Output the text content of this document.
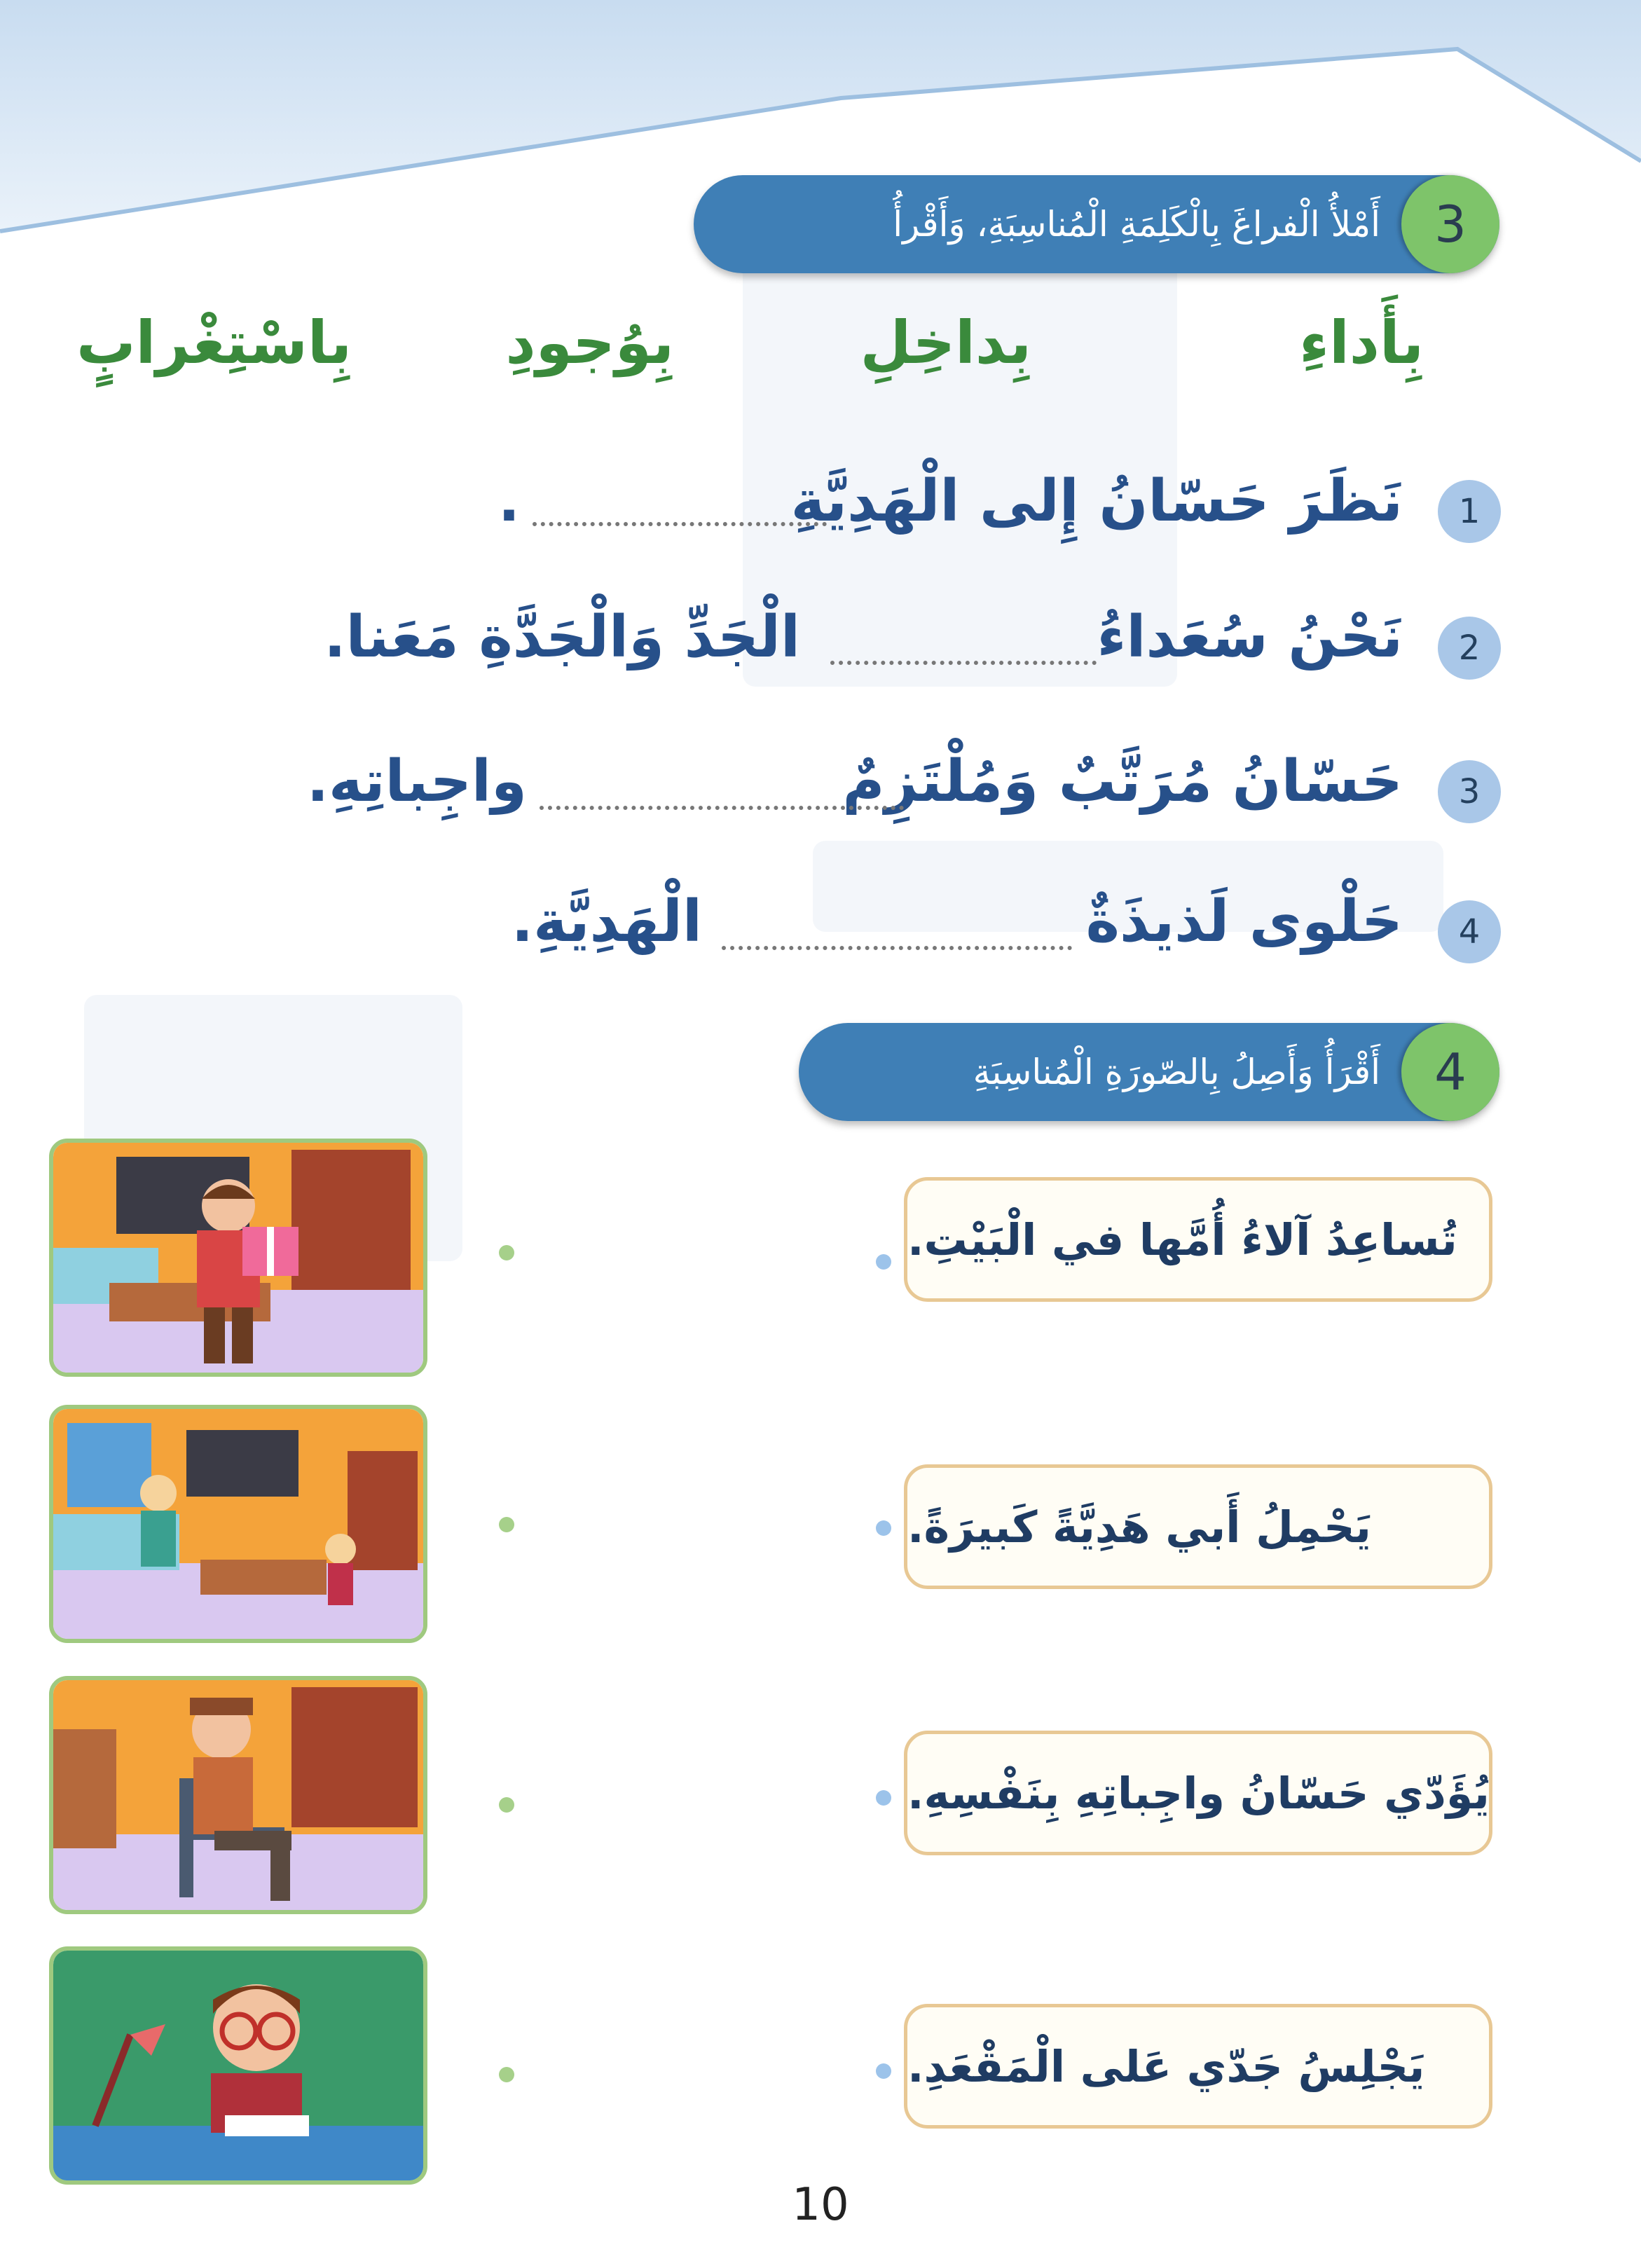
3
أَمْلأُ الْفراغَ بِالْكَلِمَةِ الْمُناسِبَةِ، وَأَقْرأُ
بِأَداءِ
بِداخِلِ
بِوُجودِ
بِاسْتِغْرابٍ
1
نَظَرَ حَسّانُ إِلى الْهَدِيَّةِ
.
2
نَحْنُ سُعَداءُ
الْجَدِّ وَالْجَدَّةِ مَعَنا.
3
حَسّانُ مُرَتَّبٌ وَمُلْتَزِمٌ
واجِباتِهِ.
4
حَلْوى لَذيذَةٌ
الْهَدِيَّةِ.
4
أَقْرَأُ وَأَصِلُ بِالصّورَةِ الْمُناسِبَةِ
تُساعِدُ آلاءُ أُمَّها في الْبَيْتِ.
يَحْمِلُ أَبي هَدِيَّةً كَبيرَةً.
يُؤَدّي حَسّانُ واجِباتِهِ بِنَفْسِهِ.
يَجْلِسُ جَدّي عَلى الْمَقْعَدِ.
10
